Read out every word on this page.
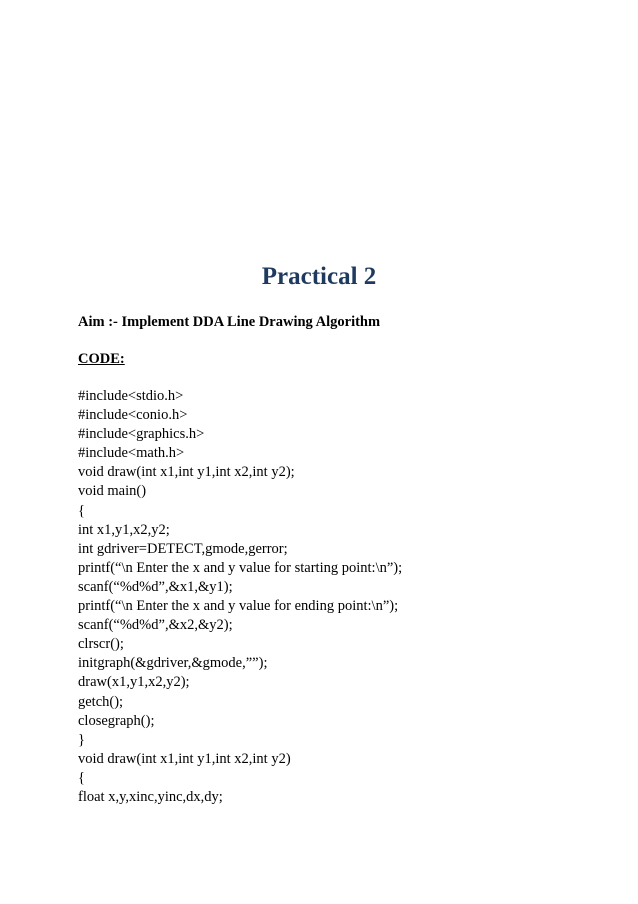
Practical 2

Aim :- Implement DDA Line Drawing Algorithm

CODE:

#include<stdio.h>
#include<conio.h>
#include<graphics.h>
#include<math.h>
void draw(int x1,int y1,int x2,int y2);
void main()
{
int x1,y1,x2,y2;
int gdriver=DETECT,gmode,gerror;
printf(“\n Enter the x and y value for starting point:\n”);
scanf(“%d%d”,&x1,&y1);
printf(“\n Enter the x and y value for ending point:\n”);
scanf(“%d%d”,&x2,&y2);
clrscr();
initgraph(&gdriver,&gmode,””);
draw(x1,y1,x2,y2);
getch();
closegraph();
}
void draw(int x1,int y1,int x2,int y2)
{
float x,y,xinc,yinc,dx,dy;
